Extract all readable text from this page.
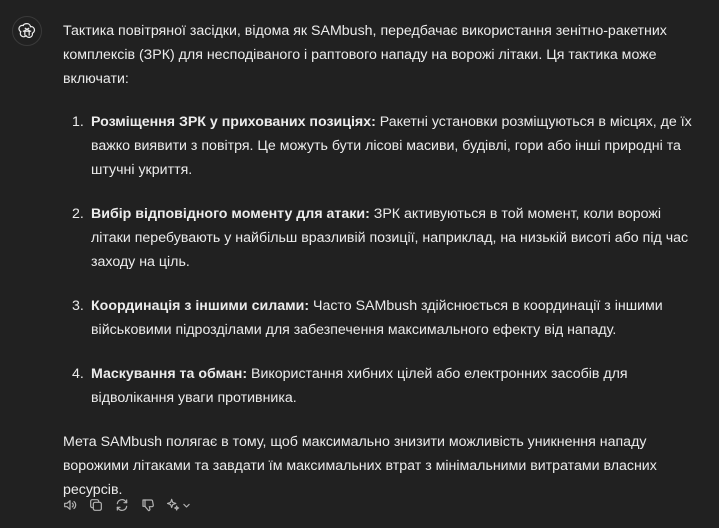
Тактика повітряної засідки, відома як SAMbush, передбачає використання зенітно-ракетних комплексів (ЗРК) для несподіваного і раптового нападу на ворожі літаки. Ця тактика може включати:

1. Розміщення ЗРК у прихованих позиціях: Ракетні установки розміщуються в місцях, де їх важко виявити з повітря. Це можуть бути лісові масиви, будівлі, гори або інші природні та штучні укриття.
2. Вибір відповідного моменту для атаки: ЗРК активуються в той момент, коли ворожі літаки перебувають у найбільш вразливій позиції, наприклад, на низькій висоті або під час заходу на ціль.
3. Координація з іншими силами: Часто SAMbush здійснюється в координації з іншими військовими підрозділами для забезпечення максимального ефекту від нападу.
4. Маскування та обман: Використання хибних цілей або електронних засобів для відволікання уваги противника.

Мета SAMbush полягає в тому, щоб максимально знизити можливість уникнення нападу ворожими літаками та завдати їм максимальних втрат з мінімальними витратами власних ресурсів.
